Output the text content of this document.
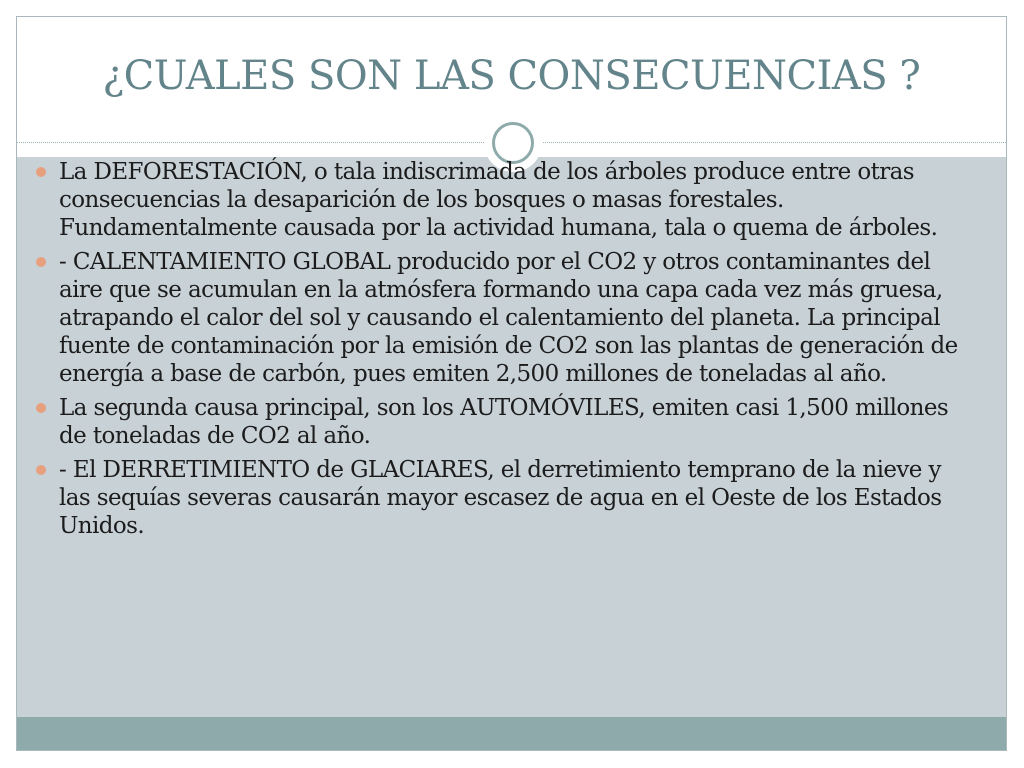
¿CUALES SON LAS CONSECUENCIAS ?
La DEFORESTACIÓN, o tala indiscrimada de los árboles produce entre otras consecuencias la desaparición de los bosques o masas forestales. Fundamentalmente causada por la actividad humana, tala o quema de árboles.
- CALENTAMIENTO GLOBAL producido por el CO2 y otros contaminantes del aire que se acumulan en la atmósfera formando una capa cada vez más gruesa, atrapando el calor del sol y causando el calentamiento del planeta. La principal fuente de contaminación por la emisión de CO2 son las plantas de generación de energía a base de carbón, pues emiten 2,500 millones de toneladas al año.
La segunda causa principal, son los AUTOMÓVILES, emiten casi 1,500 millones de toneladas de CO2 al año.
- El DERRETIMIENTO de GLACIARES, el derretimiento temprano de la nieve y las sequías severas causarán mayor escasez de agua en el Oeste de los Estados Unidos.
